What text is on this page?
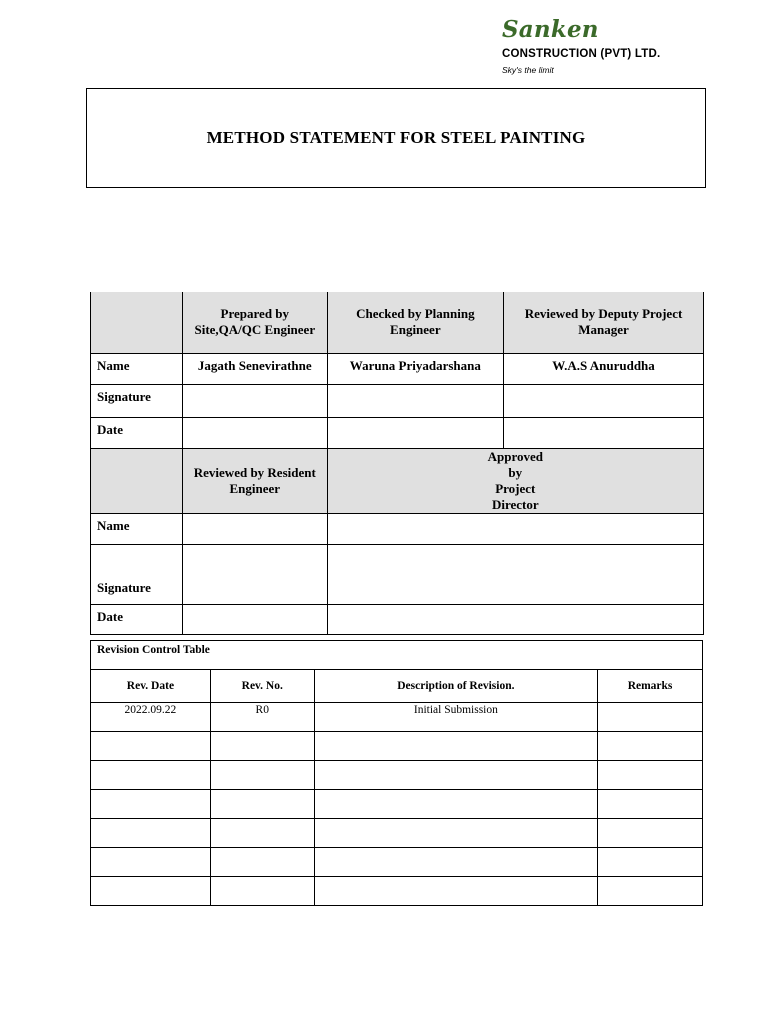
Sanken
CONSTRUCTION (PVT) LTD.
Sky's the limit
METHOD STATEMENT FOR STEEL PAINTING
	Prepared by Site,QA/QC Engineer	Checked by Planning Engineer	Reviewed by Deputy Project Manager
Name	Jagath Senevirathne	Waruna Priyadarshana	W.A.S Anuruddha
Signature			
Date			
	Reviewed by Resident Engineer	Approved by Project Director	
Name			
Signature			
Date			
Revision Control Table			
Rev. Date	Rev. No.	Description of Revision.	Remarks
2022.09.22	R0	Initial Submission	
